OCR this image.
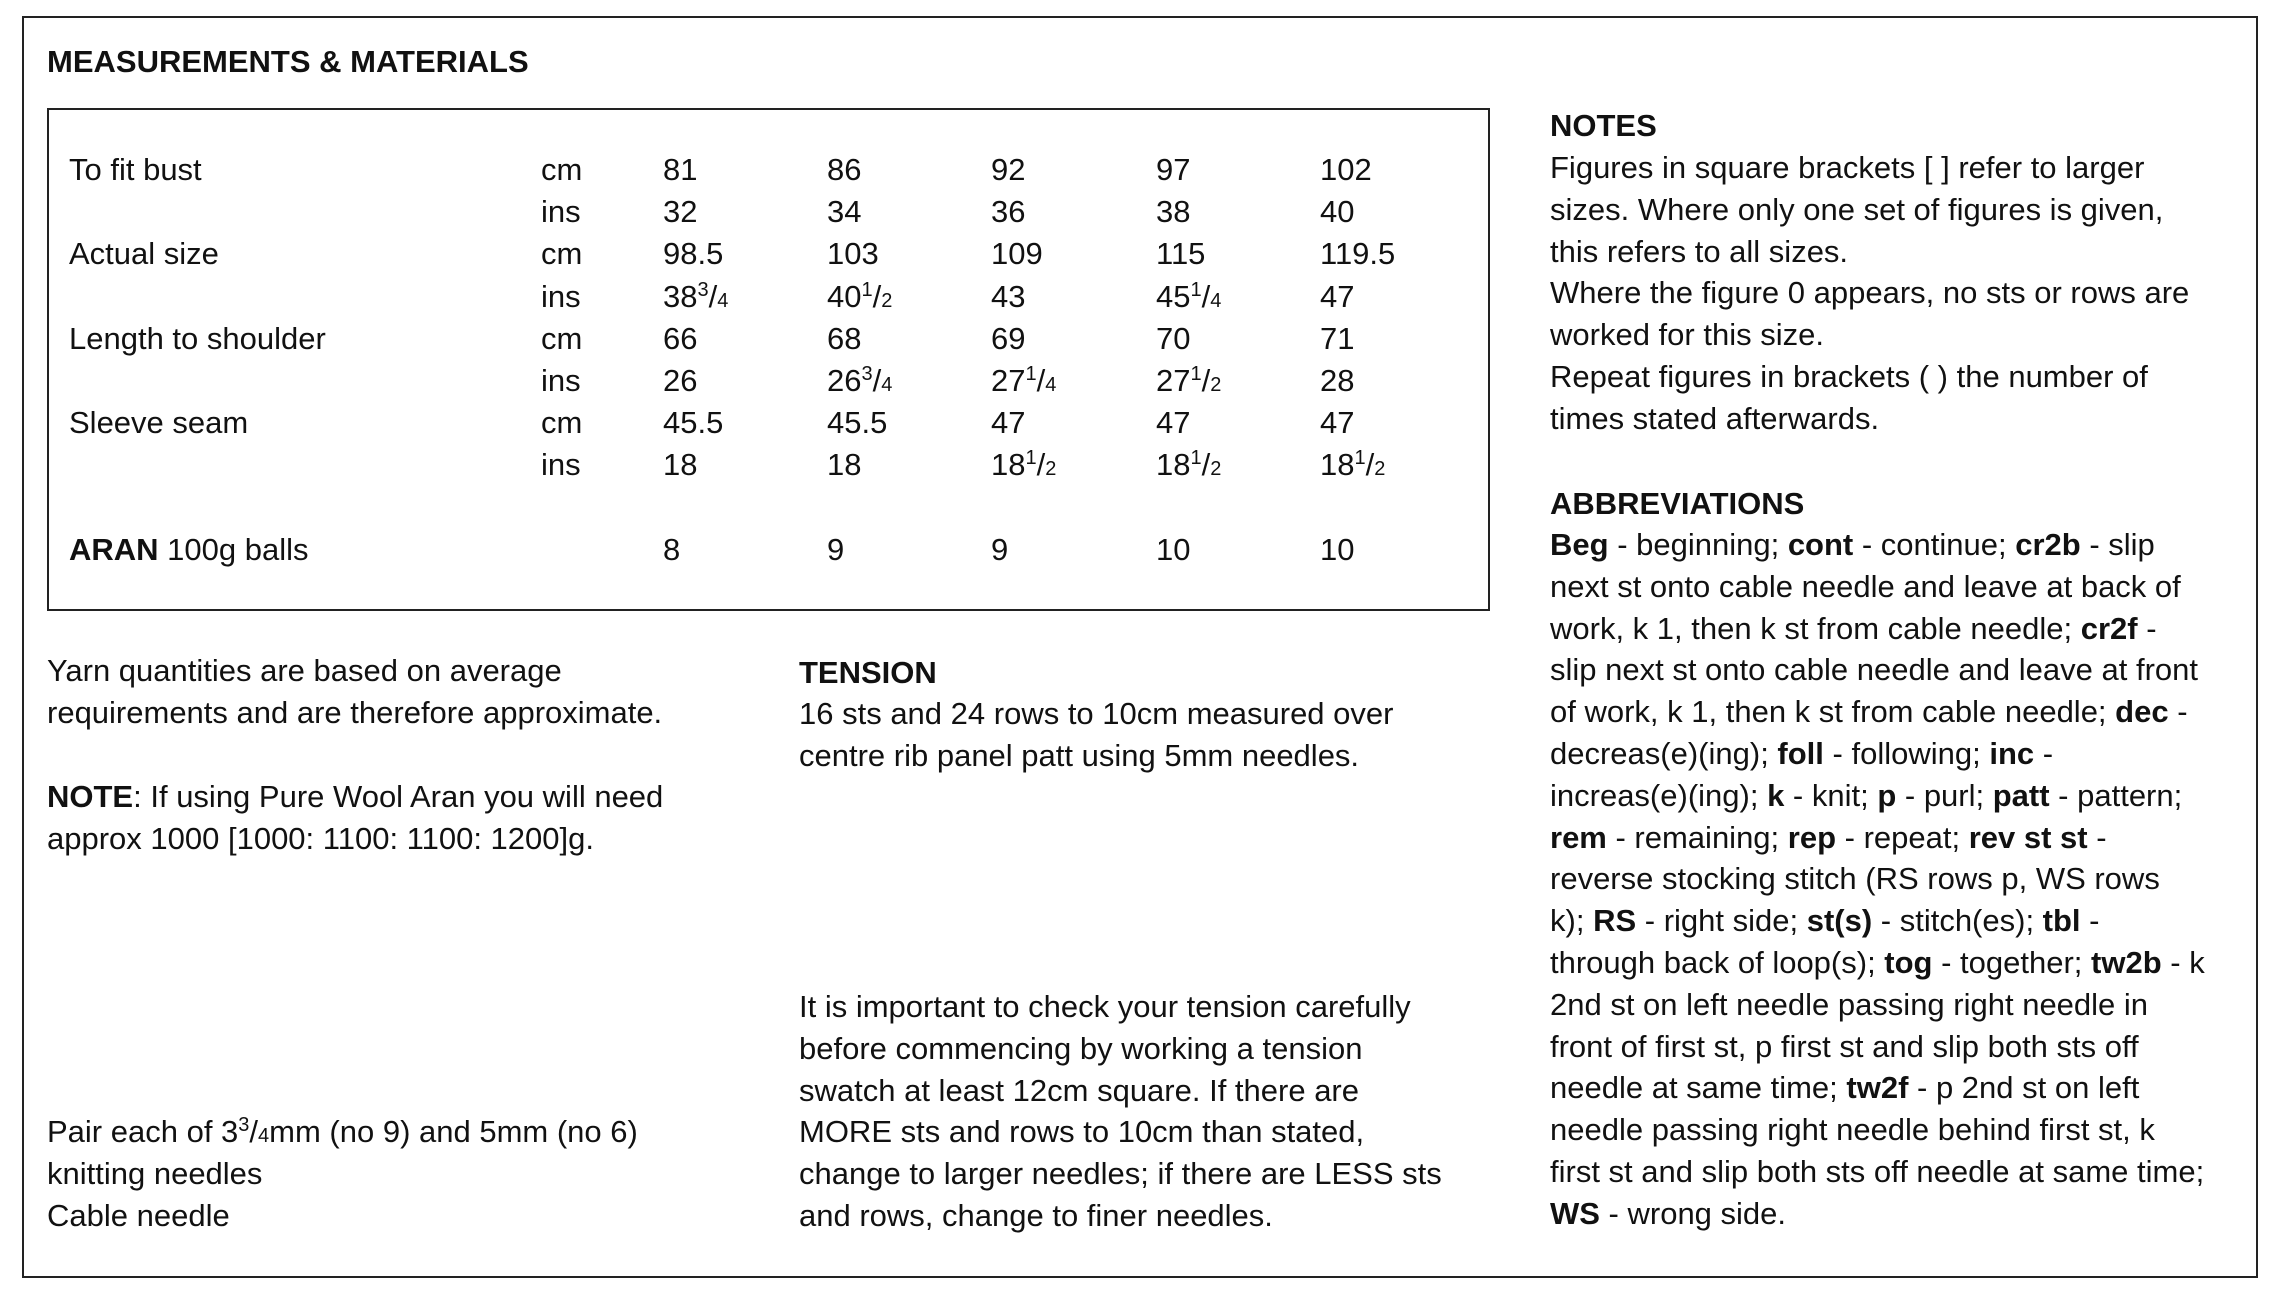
MEASUREMENTS & MATERIALS
To fit bust	cm	81	86	92	97	102
ins	32	34	36	38	40
Actual size	cm	98.5	103	109	115	119.5
ins	$38^3/4$	$40^1/2$	43	$45^1/4$	47
Length to shoulder	cm	66	68	69	70	71
ins	26	$26^3/4$	$27^1/4$	$27^1/2$	28
Sleeve seam	cm	45.5	45.5	47	47	47
ins	18	18	$18^1/2$	$18^1/2$	$18^1/2$
ARAN 100g balls	8	9	9	10	10
Yarn quantities are based on average
requirements and are therefore approximate.
NOTE: If using Pure Wool Aran you will need
approx 1000 [1000: 1100: 1100: 1200]g.
Pair each of $3^3/4mm$ (no 9) and 5mm (no 6)
knitting needles
Cable needle
TENSION
16 sts and 24 rows to 10cm measured over
centre rib panel patt using 5mm needles.
It is important to check your tension carefully
before commencing by working a tension
swatch at least 12cm square. If there are
MORE sts and rows to 10cm than stated,
change to larger needles; if there are LESS sts
and rows, change to finer needles.
NOTES
Figures in square brackets [ ] refer to larger
sizes. Where only one set of figures is given,
this refers to all sizes.
Where the figure 0 appears, no sts or rows are
worked for this size.
Repeat figures in brackets ( ) the number of
times stated afterwards.
ABBREVIATIONS
Beg - beginning; cont - continue; cr2b - slip
next st onto cable needle and leave at back of
work, k 1, then k st from cable needle; cr2f -
slip next st onto cable needle and leave at front
of work, k 1, then k st from cable needle; dec -
decreas(e)(ing); foll - following; inc -
increas(e)(ing); k - knit; p - purl; patt - pattern;
rem - remaining; rep - repeat; rev st st -
reverse stocking stitch (RS rows p, WS rows
k); RS - right side; st(s) - stitch(es); tbl -
through back of loop(s); tog - together; tw2b - k
2nd st on left needle passing right needle in
front of first st, p first st and slip both sts off
needle at same time; tw2f - p 2nd st on left
needle passing right needle behind first st, k
first st and slip both sts off needle at same time;
WS - wrong side.
